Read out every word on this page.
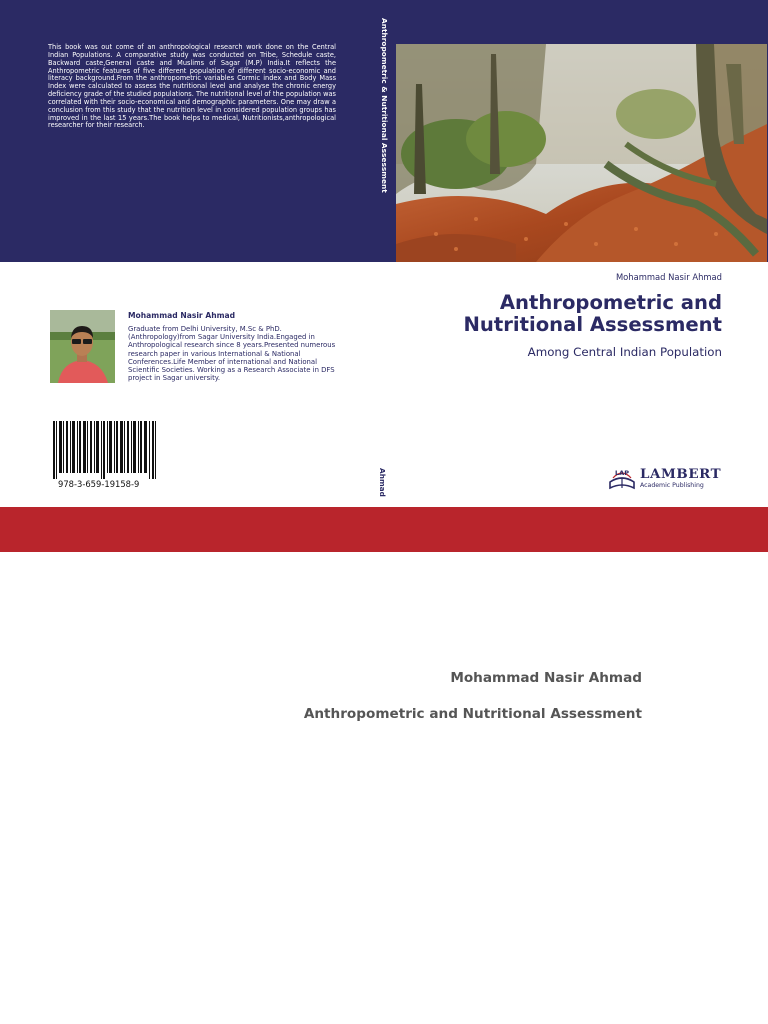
This book was out come of an anthropological research work done on the Central Indian Populations. A comparative study was conducted on Tribe, Schedule caste, Backward caste,General caste and Muslims of Sagar (M.P) India.It reflects the Anthropometric features of five different population of different socio-economic and literacy background.From the anthropometric variables Cormic index and Body Mass Index were calculated to assess the nutritional level and analyse the chronic energy deficiency grade of the studied populations. The nutritional level of the population was correlated with their socio-economical and demographic parameters. One may draw a conclusion from this study that the nutrition level in considered population groups has improved in the last 15 years.The book helps to medical, Nutritionists,anthropological researcher for their research.	Anthropometric & Nutritional Assessment
Ahmad
Mohammad Nasir Ahmad
Anthropometric and
Nutritional Assessment
Among Central Indian Population
Mohammad Nasir Ahmad
Graduate from Delhi University, M.Sc & PhD. (Anthropology)from Sagar University India.Engaged in Anthropological research since 8 years.Presented numerous research paper in various International & National Conferences.Life Member of international and National Scientific Societies. Working as a Research Associate in DFS project in Sagar university.
978-3-659-19158-9
LAP LAMBERT
Academic Publishing
Mohammad Nasir Ahmad
Anthropometric and Nutritional Assessment
